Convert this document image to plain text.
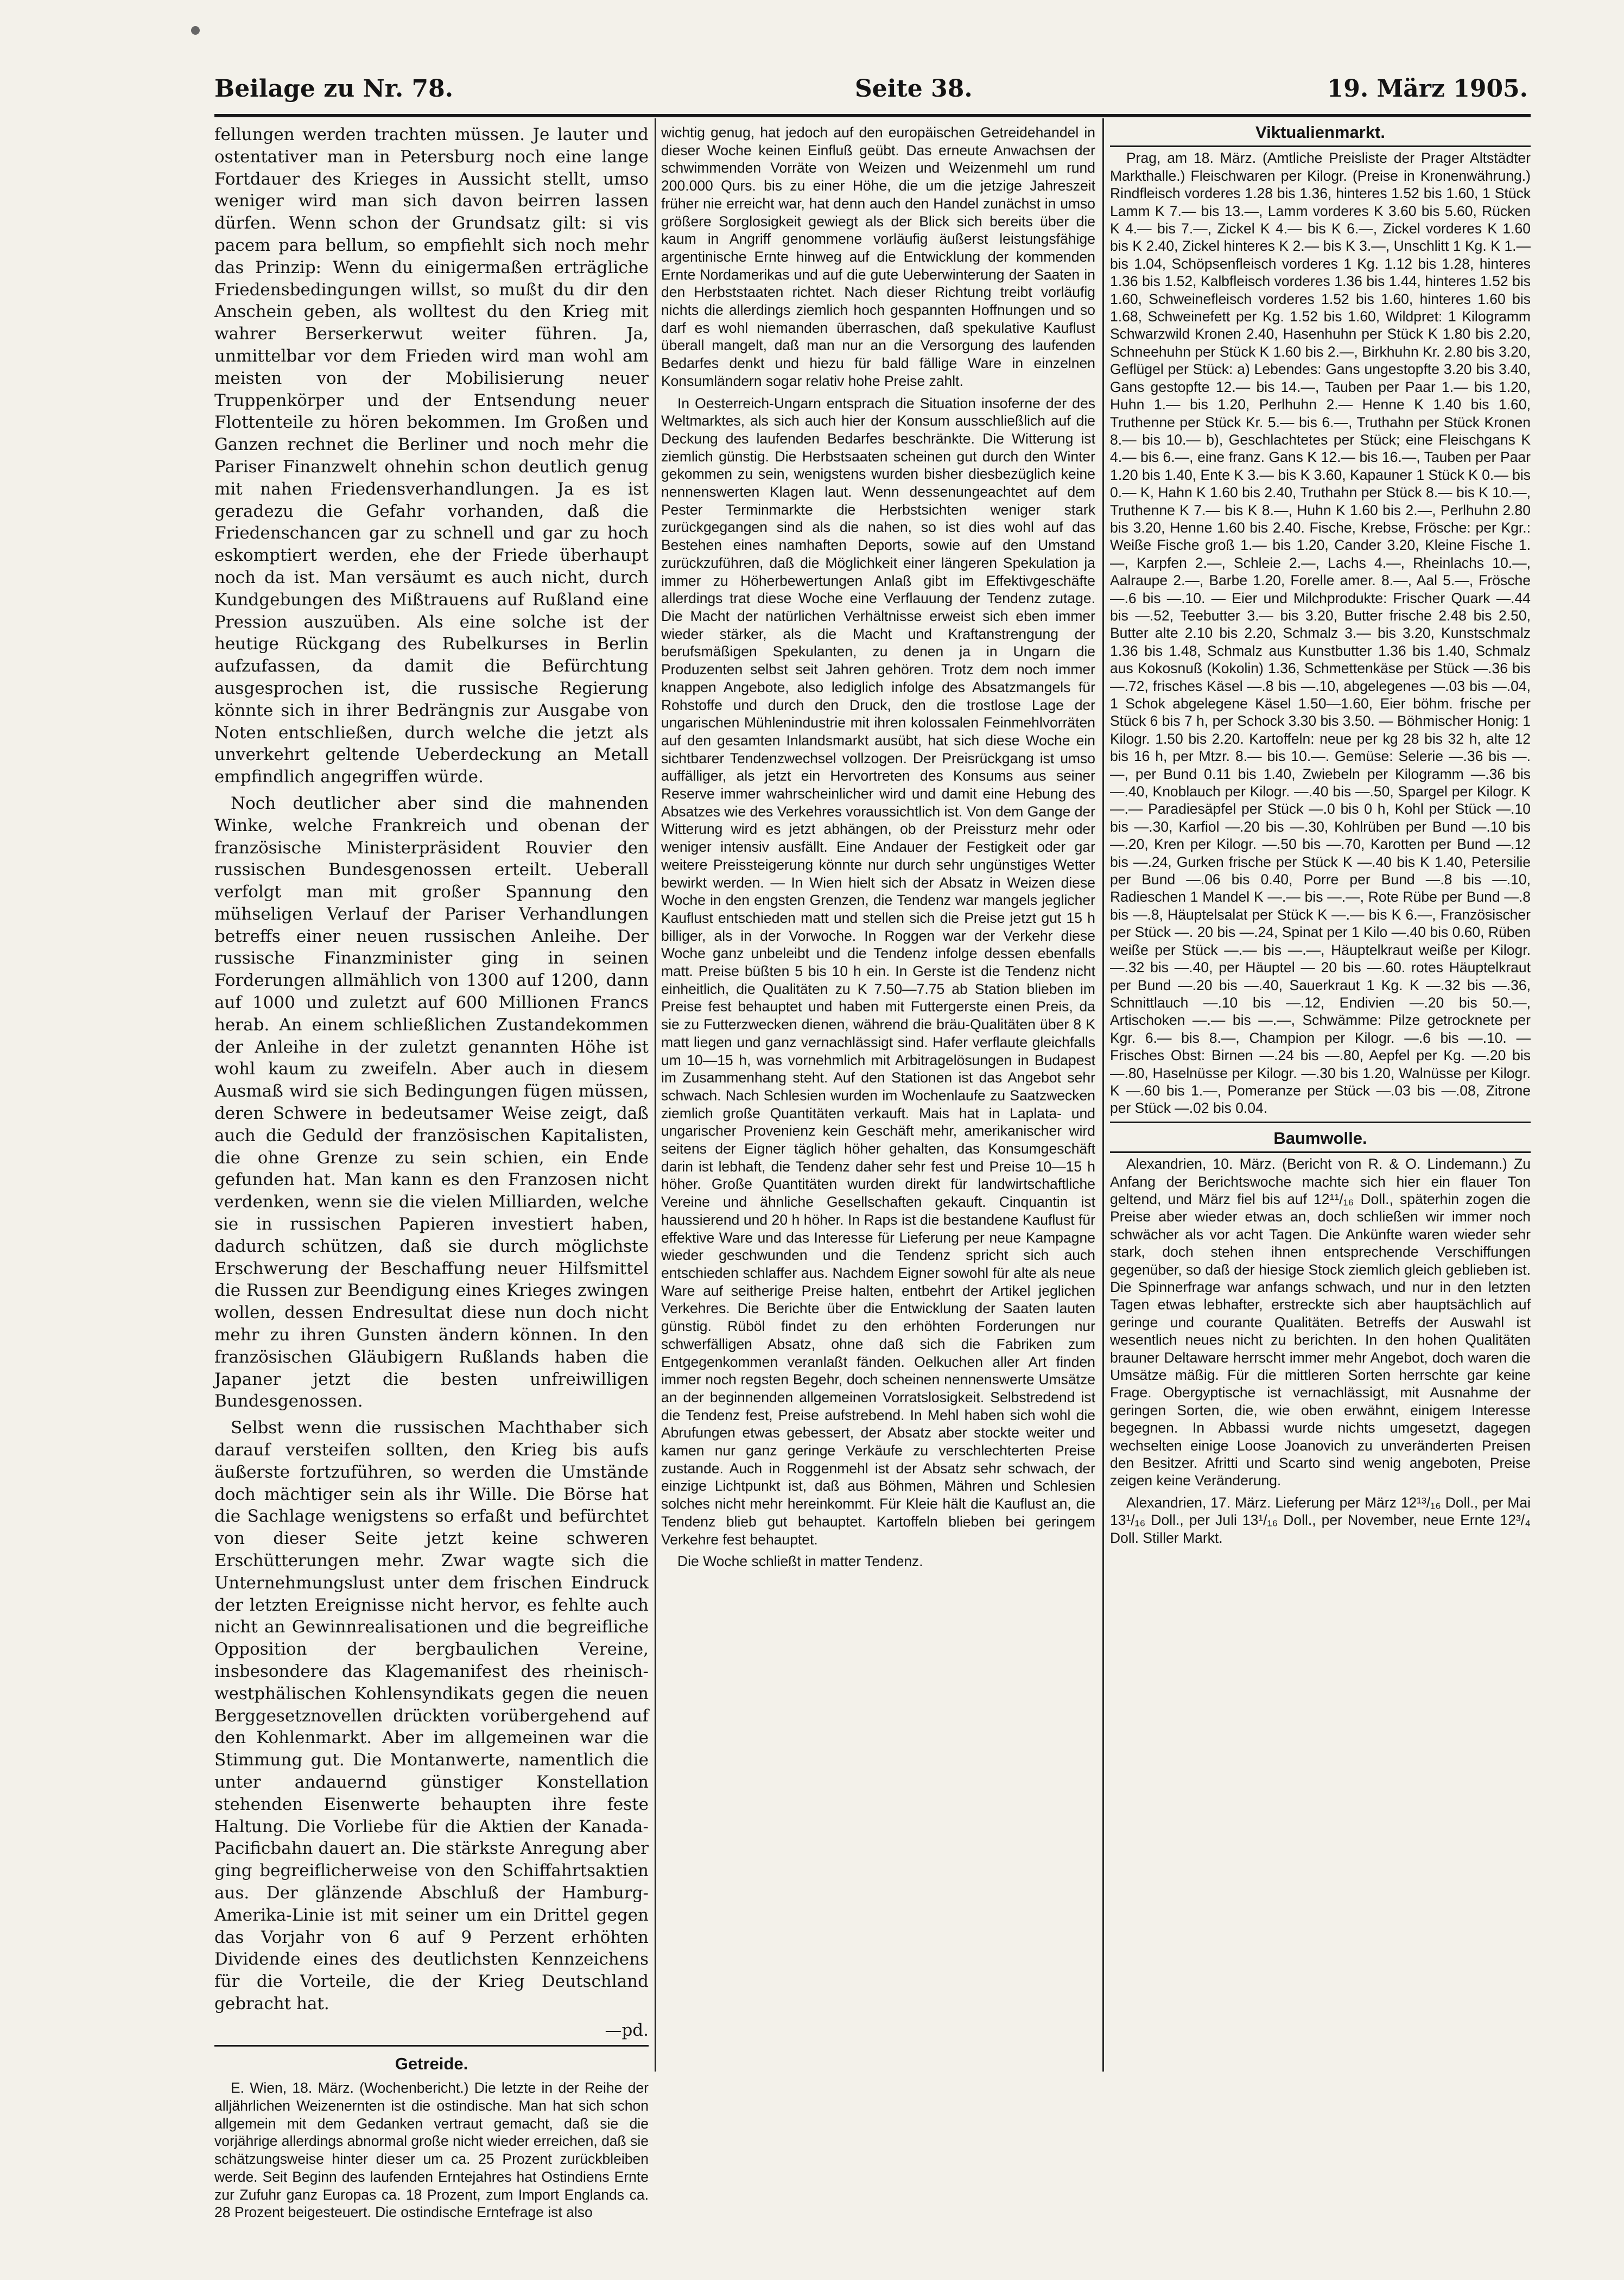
Beilage zu Nr. 78.	Seite 38.	19. März 1905.

fellungen werden trachten müssen. Je lauter und ostentativer man in Petersburg noch eine lange Fortdauer des Krieges in Aussicht stellt, umso weniger wird man sich davon beirren lassen dürfen. Wenn schon der Grundsatz gilt: si vis pacem para bellum, so empfiehlt sich noch mehr das Prinzip: Wenn du einigermaßen erträgliche Friedensbedingungen willst, so mußt du dir den Anschein geben, als wolltest du den Krieg mit wahrer Berserkerwut weiter führen. Ja, unmittelbar vor dem Frieden wird man wohl am meisten von der Mobilisierung neuer Truppenkörper und der Entsendung neuer Flottenteile zu hören bekommen. Im Großen und Ganzen rechnet die Berliner und noch mehr die Pariser Finanzwelt ohnehin schon deutlich genug mit nahen Friedensverhandlungen. Ja es ist geradezu die Gefahr vorhanden, daß die Friedenschancen gar zu schnell und gar zu hoch eskomptiert werden, ehe der Friede überhaupt noch da ist. Man versäumt es auch nicht, durch Kundgebungen des Mißtrauens auf Rußland eine Pression auszuüben. Als eine solche ist der heutige Rückgang des Rubelkurses in Berlin aufzufassen, da damit die Befürchtung ausgesprochen ist, die russische Regierung könnte sich in ihrer Bedrängnis zur Ausgabe von Noten entschließen, durch welche die jetzt als unverkehrt geltende Ueberdeckung an Metall empfindlich angegriffen würde.

Noch deutlicher aber sind die mahnenden Winke, welche Frankreich und obenan der französische Ministerpräsident Rouvier den russischen Bundesgenossen erteilt. Ueberall verfolgt man mit großer Spannung den mühseligen Verlauf der Pariser Verhandlungen betreffs einer neuen russischen Anleihe. Der russische Finanzminister ging in seinen Forderungen allmählich von 1300 auf 1200, dann auf 1000 und zuletzt auf 600 Millionen Francs herab. An einem schließlichen Zustandekommen der Anleihe in der zuletzt genannten Höhe ist wohl kaum zu zweifeln. Aber auch in diesem Ausmaß wird sie sich Bedingungen fügen müssen, deren Schwere in bedeutsamer Weise zeigt, daß auch die Geduld der französischen Kapitalisten, die ohne Grenze zu sein schien, ein Ende gefunden hat. Man kann es den Franzosen nicht verdenken, wenn sie die vielen Milliarden, welche sie in russischen Papieren investiert haben, dadurch schützen, daß sie durch möglichste Erschwerung der Beschaffung neuer Hilfsmittel die Russen zur Beendigung eines Krieges zwingen wollen, dessen Endresultat diese nun doch nicht mehr zu ihren Gunsten ändern können. In den französischen Gläubigern Rußlands haben die Japaner jetzt die besten unfreiwilligen Bundesgenossen.

Selbst wenn die russischen Machthaber sich darauf versteifen sollten, den Krieg bis aufs äußerste fortzuführen, so werden die Umstände doch mächtiger sein als ihr Wille. Die Börse hat die Sachlage wenigstens so erfaßt und befürchtet von dieser Seite jetzt keine schweren Erschütterungen mehr. Zwar wagte sich die Unternehmungslust unter dem frischen Eindruck der letzten Ereignisse nicht hervor, es fehlte auch nicht an Gewinnrealisationen und die begreifliche Opposition der bergbaulichen Vereine, insbesondere das Klagemanifest des rheinisch-westphälischen Kohlensyndikats gegen die neuen Berggesetznovellen drückten vorübergehend auf den Kohlenmarkt. Aber im allgemeinen war die Stimmung gut. Die Montanwerte, namentlich die unter andauernd günstiger Konstellation stehenden Eisenwerte behaupten ihre feste Haltung. Die Vorliebe für die Aktien der Kanada-Pacificbahn dauert an. Die stärkste Anregung aber ging begreiflicherweise von den Schiffahrtsaktien aus. Der glänzende Abschluß der Hamburg-Amerika-Linie ist mit seiner um ein Drittel gegen das Vorjahr von 6 auf 9 Perzent erhöhten Dividende eines des deutlichsten Kennzeichens für die Vorteile, die der Krieg Deutschland gebracht hat.

—pd.
Getreide.

E. Wien, 18. März. (Wochenbericht.) Die letzte in der Reihe der alljährlichen Weizenernten ist die ostindische. Man hat sich schon allgemein mit dem Gedanken vertraut gemacht, daß sie die vorjährige allerdings abnormal große nicht wieder erreichen, daß sie schätzungsweise hinter dieser um ca. 25 Prozent zurückbleiben werde. Seit Beginn des laufenden Erntejahres hat Ostindiens Ernte zur Zufuhr ganz Europas ca. 18 Prozent, zum Import Englands ca. 28 Prozent beigesteuert. Die ostindische Erntefrage ist also

wichtig genug, hat jedoch auf den europäischen Getreidehandel in dieser Woche keinen Einfluß geübt. Das erneute Anwachsen der schwimmenden Vorräte von Weizen und Weizenmehl um rund 200.000 Qurs. bis zu einer Höhe, die um die jetzige Jahreszeit früher nie erreicht war, hat denn auch den Handel zunächst in umso größere Sorglosigkeit gewiegt als der Blick sich bereits über die kaum in Angriff genommene vorläufig äußerst leistungsfähige argentinische Ernte hinweg auf die Entwicklung der kommenden Ernte Nordamerikas und auf die gute Ueberwinterung der Saaten in den Herbststaaten richtet. Nach dieser Richtung treibt vorläufig nichts die allerdings ziemlich hoch gespannten Hoffnungen und so darf es wohl niemanden überraschen, daß spekulative Kauflust überall mangelt, daß man nur an die Versorgung des laufenden Bedarfes denkt und hiezu für bald fällige Ware in einzelnen Konsumländern sogar relativ hohe Preise zahlt.

In Oesterreich-Ungarn entsprach die Situation insoferne der des Weltmarktes, als sich auch hier der Konsum ausschließlich auf die Deckung des laufenden Bedarfes beschränkte. Die Witterung ist ziemlich günstig. Die Herbstsaaten scheinen gut durch den Winter gekommen zu sein, wenigstens wurden bisher diesbezüglich keine nennenswerten Klagen laut. Wenn dessenungeachtet auf dem Pester Terminmarkte die Herbstsichten weniger stark zurückgegangen sind als die nahen, so ist dies wohl auf das Bestehen eines namhaften Deports, sowie auf den Umstand zurückzuführen, daß die Möglichkeit einer längeren Spekulation ja immer zu Höherbewertungen Anlaß gibt im Effektivgeschäfte allerdings trat diese Woche eine Verflauung der Tendenz zutage. Die Macht der natürlichen Verhältnisse erweist sich eben immer wieder stärker, als die Macht und Kraftanstrengung der berufsmäßigen Spekulanten, zu denen ja in Ungarn die Produzenten selbst seit Jahren gehören. Trotz dem noch immer knappen Angebote, also lediglich infolge des Absatzmangels für Rohstoffe und durch den Druck, den die trostlose Lage der ungarischen Mühlenindustrie mit ihren kolossalen Feinmehlvorräten auf den gesamten Inlandsmarkt ausübt, hat sich diese Woche ein sichtbarer Tendenzwechsel vollzogen. Der Preisrückgang ist umso auffälliger, als jetzt ein Hervortreten des Konsums aus seiner Reserve immer wahrscheinlicher wird und damit eine Hebung des Absatzes wie des Verkehres voraussichtlich ist. Von dem Gange der Witterung wird es jetzt abhängen, ob der Preissturz mehr oder weniger intensiv ausfällt. Eine Andauer der Festigkeit oder gar weitere Preissteigerung könnte nur durch sehr ungünstiges Wetter bewirkt werden. — In Wien hielt sich der Absatz in Weizen diese Woche in den engsten Grenzen, die Tendenz war mangels jeglicher Kauflust entschieden matt und stellen sich die Preise jetzt gut 15 h billiger, als in der Vorwoche. In Roggen war der Verkehr diese Woche ganz unbeleibt und die Tendenz infolge dessen ebenfalls matt. Preise büßten 5 bis 10 h ein. In Gerste ist die Tendenz nicht einheitlich, die Qualitäten zu K 7.50—7.75 ab Station blieben im Preise fest behauptet und haben mit Futtergerste einen Preis, da sie zu Futterzwecken dienen, während die bräu-Qualitäten über 8 K matt liegen und ganz vernachlässigt sind. Hafer verflaute gleichfalls um 10—15 h, was vornehmlich mit Arbitragelösungen in Budapest im Zusammenhang steht. Auf den Stationen ist das Angebot sehr schwach. Nach Schlesien wurden im Wochenlaufe zu Saatzwecken ziemlich große Quantitäten verkauft. Mais hat in Laplata- und ungarischer Provenienz kein Geschäft mehr, amerikanischer wird seitens der Eigner täglich höher gehalten, das Konsumgeschäft darin ist lebhaft, die Tendenz daher sehr fest und Preise 10—15 h höher. Große Quantitäten wurden direkt für landwirtschaftliche Vereine und ähnliche Gesellschaften gekauft. Cinquantin ist haussierend und 20 h höher. In Raps ist die bestandene Kauflust für effektive Ware und das Interesse für Lieferung per neue Kampagne wieder geschwunden und die Tendenz spricht sich auch entschieden schlaffer aus. Nachdem Eigner sowohl für alte als neue Ware auf seitherige Preise halten, entbehrt der Artikel jeglichen Verkehres. Die Berichte über die Entwicklung der Saaten lauten günstig. Rüböl findet zu den erhöhten Forderungen nur schwerfälligen Absatz, ohne daß sich die Fabriken zum Entgegenkommen veranlaßt fänden. Oelkuchen aller Art finden immer noch regsten Begehr, doch scheinen nennenswerte Umsätze an der beginnenden allgemeinen Vorratslosigkeit. Selbstredend ist die Tendenz fest, Preise aufstrebend. In Mehl haben sich wohl die Abrufungen etwas gebessert, der Absatz aber stockte weiter und kamen nur ganz geringe Verkäufe zu verschlechterten Preise zustande. Auch in Roggenmehl ist der Absatz sehr schwach, der einzige Lichtpunkt ist, daß aus Böhmen, Mähren und Schlesien solches nicht mehr hereinkommt. Für Kleie hält die Kauflust an, die Tendenz blieb gut behauptet. Kartoffeln blieben bei geringem Verkehre fest behauptet.

Die Woche schließt in matter Tendenz.

Viktualienmarkt.

Prag, am 18. März. (Amtliche Preisliste der Prager Altstädter Markthalle.) Fleischwaren per Kilogr. (Preise in Kronenwährung.) Rindfleisch vorderes 1.28 bis 1.36, hinteres 1.52 bis 1.60, 1 Stück Lamm K 7.— bis 13.—, Lamm vorderes K 3.60 bis 5.60, Rücken K 4.— bis 7.—, Zickel K 4.— bis K 6.—, Zickel vorderes K 1.60 bis K 2.40, Zickel hinteres K 2.— bis K 3.—, Unschlitt 1 Kg. K 1.— bis 1.04, Schöpsenfleisch vorderes 1 Kg. 1.12 bis 1.28, hinteres 1.36 bis 1.52, Kalbfleisch vorderes 1.36 bis 1.44, hinteres 1.52 bis 1.60, Schweinefleisch vorderes 1.52 bis 1.60, hinteres 1.60 bis 1.68, Schweinefett per Kg. 1.52 bis 1.60, Wildpret: 1 Kilogramm Schwarzwild Kronen 2.40, Hasenhuhn per Stück K 1.80 bis 2.20, Schneehuhn per Stück K 1.60 bis 2.—, Birkhuhn Kr. 2.80 bis 3.20, Geflügel per Stück: a) Lebendes: Gans ungestopfte 3.20 bis 3.40, Gans gestopfte 12.— bis 14.—, Tauben per Paar 1.— bis 1.20, Huhn 1.— bis 1.20, Perlhuhn 2.— Henne K 1.40 bis 1.60, Truthenne per Stück Kr. 5.— bis 6.—, Truthahn per Stück Kronen 8.— bis 10.— b), Geschlachtetes per Stück; eine Fleischgans K 4.— bis 6.—, eine franz. Gans K 12.— bis 16.—, Tauben per Paar 1.20 bis 1.40, Ente K 3.— bis K 3.60, Kapauner 1 Stück K 0.— bis 0.— K, Hahn K 1.60 bis 2.40, Truthahn per Stück 8.— bis K 10.—, Truthenne K 7.— bis K 8.—, Huhn K 1.60 bis 2.—, Perlhuhn 2.80 bis 3.20, Henne 1.60 bis 2.40. Fische, Krebse, Frösche: per Kgr.: Weiße Fische groß 1.— bis 1.20, Cander 3.20, Kleine Fische 1.—, Karpfen 2.—, Schleie 2.—, Lachs 4.—, Rheinlachs 10.—, Aalraupe 2.—, Barbe 1.20, Forelle amer. 8.—, Aal 5.—, Frösche —.6 bis —.10. — Eier und Milchprodukte: Frischer Quark —.44 bis —.52, Teebutter 3.— bis 3.20, Butter frische 2.48 bis 2.50, Butter alte 2.10 bis 2.20, Schmalz 3.— bis 3.20, Kunstschmalz 1.36 bis 1.48, Schmalz aus Kunstbutter 1.36 bis 1.40, Schmalz aus Kokosnuß (Kokolin) 1.36, Schmettenkäse per Stück —.36 bis —.72, frisches Käsel —.8 bis —.10, abgelegenes —.03 bis —.04, 1 Schok abgelegene Käsel 1.50—1.60, Eier böhm. frische per Stück 6 bis 7 h, per Schock 3.30 bis 3.50. — Böhmischer Honig: 1 Kilogr. 1.50 bis 2.20. Kartoffeln: neue per kg 28 bis 32 h, alte 12 bis 16 h, per Mtzr. 8.— bis 10.—. Gemüse: Selerie —.36 bis —.—, per Bund 0.11 bis 1.40, Zwiebeln per Kilogramm —.36 bis —.40, Knoblauch per Kilogr. —.40 bis —.50, Spargel per Kilogr. K —.— Paradiesäpfel per Stück —.0 bis 0 h, Kohl per Stück —.10 bis —.30, Karfiol —.20 bis —.30, Kohlrüben per Bund —.10 bis —.20, Kren per Kilogr. —.50 bis —.70, Karotten per Bund —.12 bis —.24, Gurken frische per Stück K —.40 bis K 1.40, Petersilie per Bund —.06 bis 0.40, Porre per Bund —.8 bis —.10, Radieschen 1 Mandel K —.— bis —.—, Rote Rübe per Bund —.8 bis —.8, Häuptelsalat per Stück K —.— bis K 6.—, Französischer per Stück —. 20 bis —.24, Spinat per 1 Kilo —.40 bis 0.60, Rüben weiße per Stück —.— bis —.—, Häuptelkraut weiße per Kilogr. —.32 bis —.40, per Häuptel — 20 bis —.60. rotes Häuptelkraut per Bund —.20 bis —.40, Sauerkraut 1 Kg. K —.32 bis —.36, Schnittlauch —.10 bis —.12, Endivien —.20 bis 50.—, Artischoken —.— bis —.—, Schwämme: Pilze getrocknete per Kgr. 6.— bis 8.—, Champion per Kilogr. —.6 bis —.10. — Frisches Obst: Birnen —.24 bis —.80, Aepfel per Kg. —.20 bis —.80, Haselnüsse per Kilogr. —.30 bis 1.20, Walnüsse per Kilogr. K —.60 bis 1.—, Pomeranze per Stück —.03 bis —.08, Zitrone per Stück —.02 bis 0.04.

Baumwolle.

Alexandrien, 10. März. (Bericht von R. & O. Lindemann.) Zu Anfang der Berichtswoche machte sich hier ein flauer Ton geltend, und März fiel bis auf 12¹¹/₁₆ Doll., späterhin zogen die Preise aber wieder etwas an, doch schließen wir immer noch schwächer als vor acht Tagen. Die Ankünfte waren wieder sehr stark, doch stehen ihnen entsprechende Verschiffungen gegenüber, so daß der hiesige Stock ziemlich gleich geblieben ist. Die Spinnerfrage war anfangs schwach, und nur in den letzten Tagen etwas lebhafter, erstreckte sich aber hauptsächlich auf geringe und courante Qualitäten. Betreffs der Auswahl ist wesentlich neues nicht zu berichten. In den hohen Qualitäten brauner Deltaware herrscht immer mehr Angebot, doch waren die Umsätze mäßig. Für die mittleren Sorten herrschte gar keine Frage. Obergyptische ist vernachlässigt, mit Ausnahme der geringen Sorten, die, wie oben erwähnt, einigem Interesse begegnen. In Abbassi wurde nichts umgesetzt, dagegen wechselten einige Loose Joanovich zu unveränderten Preisen den Besitzer. Afritti und Scarto sind wenig angeboten, Preise zeigen keine Veränderung.

Alexandrien, 17. März. Lieferung per März 12¹³/₁₆ Doll., per Mai 13¹/₁₆ Doll., per Juli 13¹/₁₆ Doll., per November, neue Ernte 12³/₄ Doll. Stiller Markt.
